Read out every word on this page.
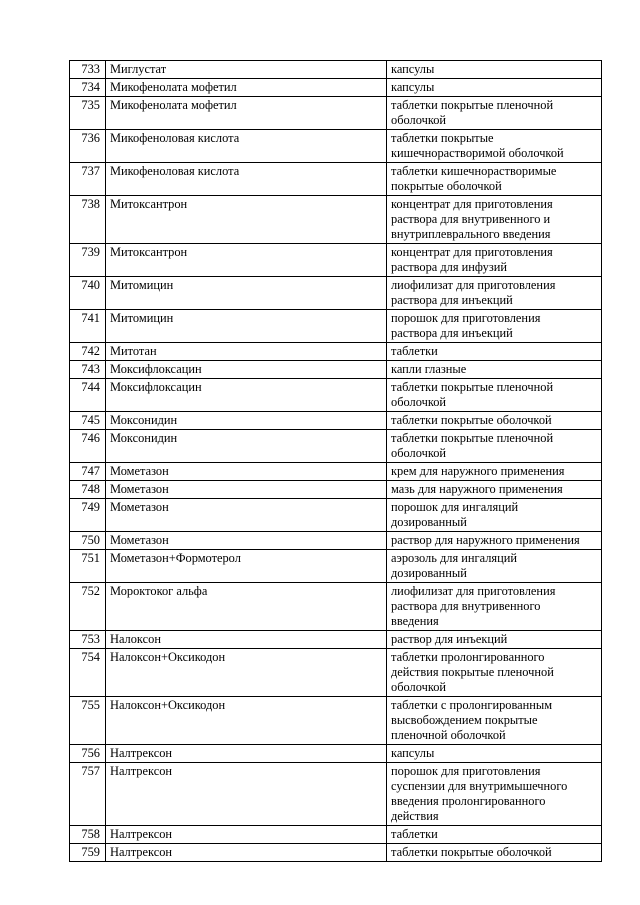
733	Миглустат	капсулы
734	Микофенолата мофетил	капсулы
735	Микофенолата мофетил	таблетки покрытые пленочной
оболочкой
736	Микофеноловая кислота	таблетки покрытые
кишечнорастворимой оболочкой
737	Микофеноловая кислота	таблетки кишечнорастворимые
покрытые оболочкой
738	Митоксантрон	концентрат для приготовления
раствора для внутривенного и
внутриплеврального введения
739	Митоксантрон	концентрат для приготовления
раствора для инфузий
740	Митомицин	лиофилизат для приготовления
раствора для инъекций
741	Митомицин	порошок для приготовления
раствора для инъекций
742	Митотан	таблетки
743	Моксифлоксацин	капли глазные
744	Моксифлоксацин	таблетки покрытые пленочной
оболочкой
745	Моксонидин	таблетки покрытые оболочкой
746	Моксонидин	таблетки покрытые пленочной
оболочкой
747	Мометазон	крем для наружного применения
748	Мометазон	мазь для наружного применения
749	Мометазон	порошок для ингаляций
дозированный
750	Мометазон	раствор для наружного применения
751	Мометазон+Формотерол	аэрозоль для ингаляций
дозированный
752	Мороктоког альфа	лиофилизат для приготовления
раствора для внутривенного
введения
753	Налоксон	раствор для инъекций
754	Налоксон+Оксикодон	таблетки пролонгированного
действия покрытые пленочной
оболочкой
755	Налоксон+Оксикодон	таблетки с пролонгированным
высвобождением покрытые
пленочной оболочкой
756	Налтрексон	капсулы
757	Налтрексон	порошок для приготовления
суспензии для внутримышечного
введения пролонгированного
действия
758	Налтрексон	таблетки
759	Налтрексон	таблетки покрытые оболочкой
